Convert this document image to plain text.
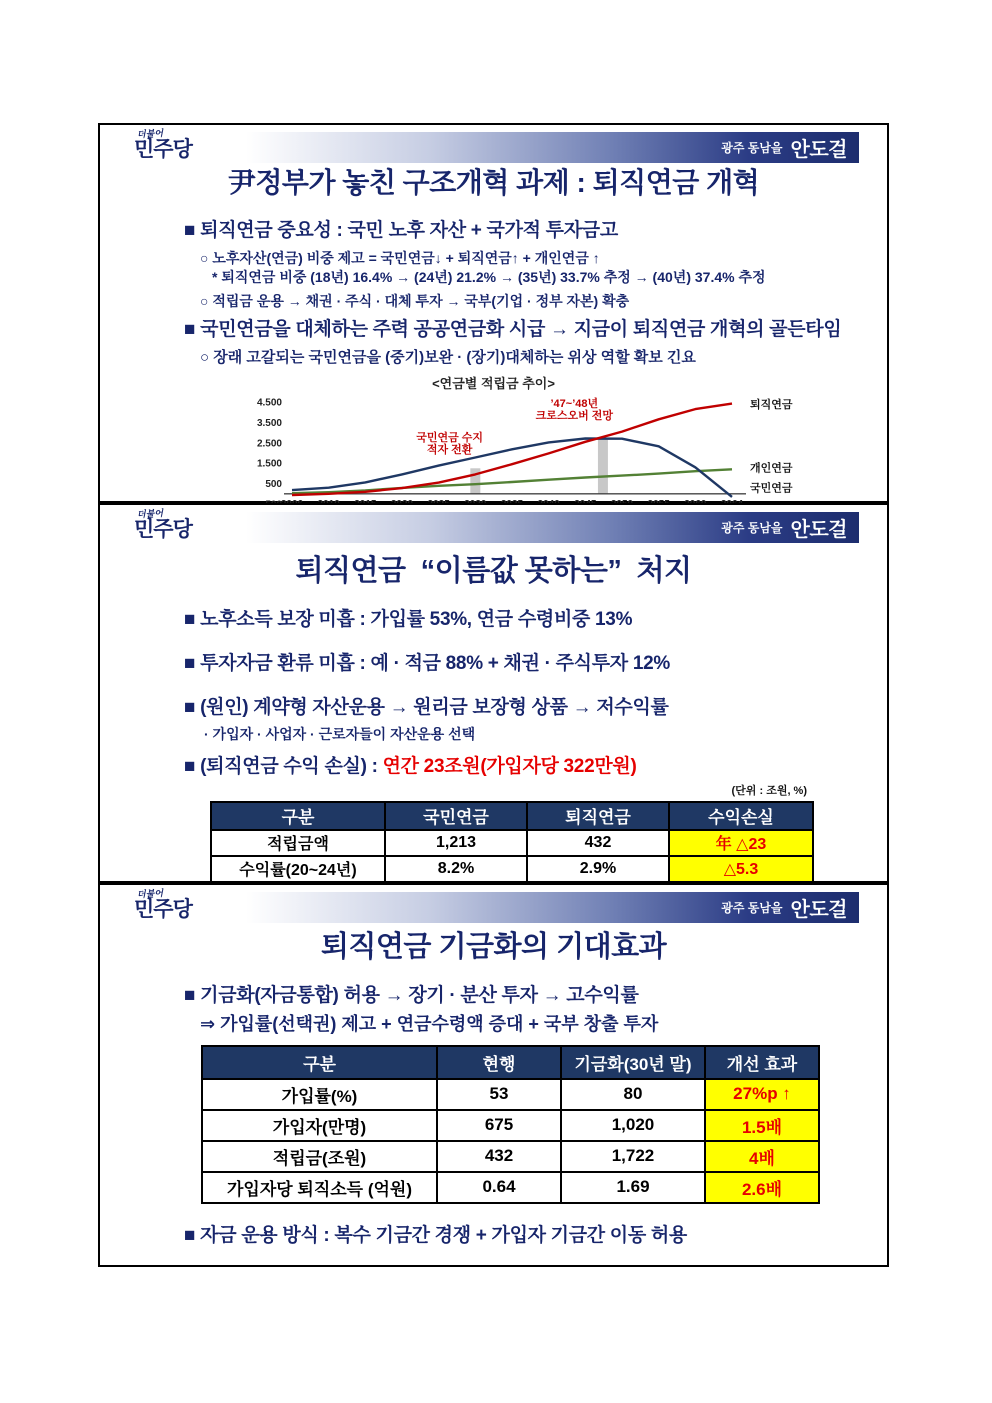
더불어
민주당	광주 동남을 안도걸
尹정부가 놓친 구조개혁 과제 : 퇴직연금 개혁
■ 퇴직연금 중요성 : 국민 노후 자산 + 국가적 투자금고
○ 노후자산(연금) 비중 제고 = 국민연금↓ + 퇴직연금↑ + 개인연금 ↑
* 퇴직연금 비중 (18년) 16.4% → (24년) 21.2% → (35년) 33.7% 추정 → (40년) 37.4% 추정
○ 적립금 운용 → 채권 · 주식 · 대체 투자 → 국부(기업 · 정부 자본) 확충
■ 국민연금을 대체하는 주력 공공연금화 시급 → 지금이 퇴직연금 개혁의 골든타임
○ 장래 고갈되는 국민연금을 (중기)보완 · (장기)대체하는 위상 역할 확보 긴요
<연금별 적립금 추이>
개인연금
국민연금
퇴직연금
4.500
3.500
2.500
1.500
500
국민연금 수지
적자 전환
’47~’48년
크로스오버 전망
더불어
민주당	광주 동남을 안도걸
퇴직연금  “이름값 못하는”  처지
■ 노후소득 보장 미흡 : 가입률 53%, 연금 수령비중 13%
■ 투자자금 환류 미흡 : 예 · 적금 88% + 채권 · 주식투자 12%
■ (원인) 계약형 자산운용 → 원리금 보장형 상품 → 저수익률
· 가입자 · 사업자 · 근로자들이 자산운용 선택
■ (퇴직연금 수익 손실) : 연간 23조원(가입자당 322만원)
(단위 : 조원, %)
구분	국민연금	퇴직연금	수익손실
적립금액	1,213	432	年 △23
수익률(20~24년)	8.2%	2.9%	△5.3
더불어
민주당	광주 동남을 안도걸
퇴직연금 기금화의 기대효과
■ 기금화(자금통합) 허용 → 장기 · 분산 투자 → 고수익률
⇒ 가입률(선택권) 제고 + 연금수령액 증대 + 국부 창출 투자
구분	현행	기금화(30년 말)	개선 효과
가입률(%)	53	80	27%p ↑
가입자(만명)	675	1,020	1.5배
적립금(조원)	432	1,722	4배
가입자당 퇴직소득 (억원)	0.64	1.69	2.6배
■ 자금 운용 방식 : 복수 기금간 경쟁 + 가입자 기금간 이동 허용
